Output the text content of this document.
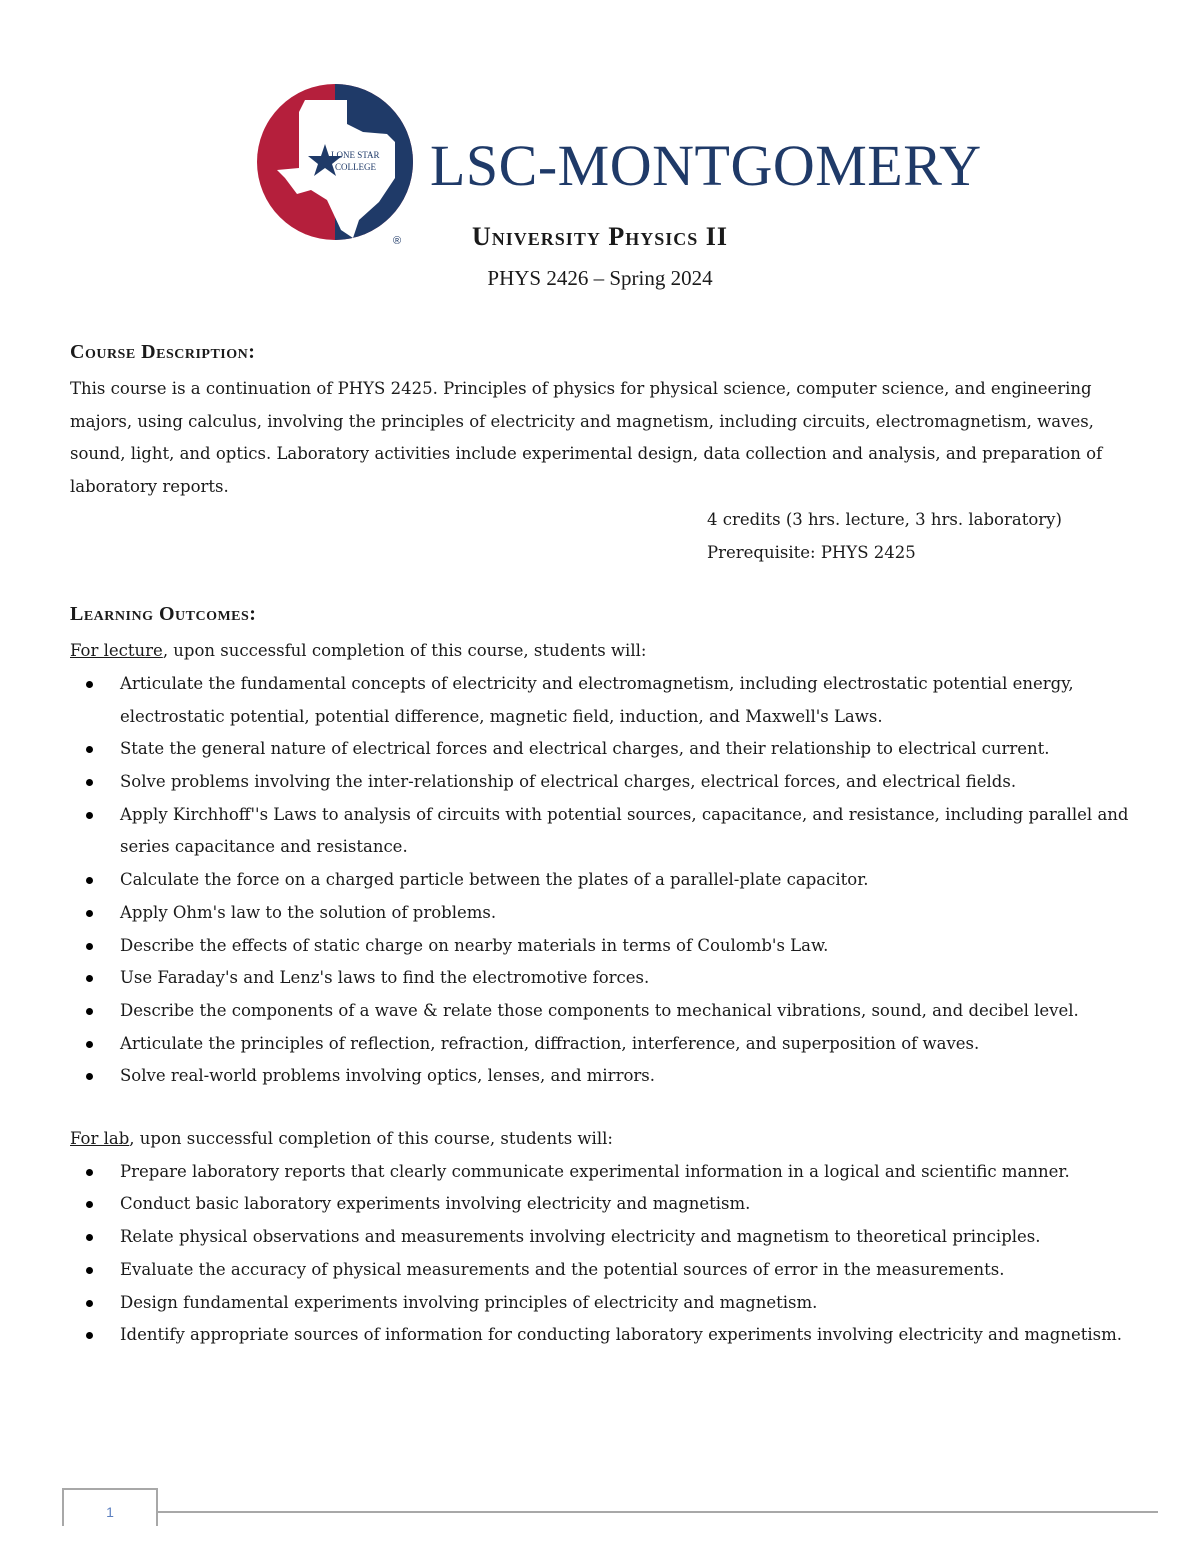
LONE STAR
COLLEGE
®
LSC-MONTGOMERY
University Physics II
PHYS 2426 – Spring 2024
Course Description:

This course is a continuation of PHYS 2425. Principles of physics for physical science, computer science, and engineering majors, using calculus, involving the principles of electricity and magnetism, including circuits, electromagnetism, waves, sound, light, and optics. Laboratory activities include experimental design, data collection and analysis, and preparation of laboratory reports.

4 credits (3 hrs. lecture, 3 hrs. laboratory)
Prerequisite: PHYS 2425
Learning Outcomes:
For lecture, upon successful completion of this course, students will:
Articulate the fundamental concepts of electricity and electromagnetism, including electrostatic potential energy, electrostatic potential, potential difference, magnetic field, induction, and Maxwell's Laws.
State the general nature of electrical forces and electrical charges, and their relationship to electrical current.
Solve problems involving the inter-relationship of electrical charges, electrical forces, and electrical fields.
Apply Kirchhoff''s Laws to analysis of circuits with potential sources, capacitance, and resistance, including parallel and series capacitance and resistance.
Calculate the force on a charged particle between the plates of a parallel-plate capacitor.
Apply Ohm's law to the solution of problems.
Describe the effects of static charge on nearby materials in terms of Coulomb's Law.
Use Faraday's and Lenz's laws to find the electromotive forces.
Describe the components of a wave & relate those components to mechanical vibrations, sound, and decibel level.
Articulate the principles of reflection, refraction, diffraction, interference, and superposition of waves.
Solve real-world problems involving optics, lenses, and mirrors.
For lab, upon successful completion of this course, students will:
Prepare laboratory reports that clearly communicate experimental information in a logical and scientific manner.
Conduct basic laboratory experiments involving electricity and magnetism.
Relate physical observations and measurements involving electricity and magnetism to theoretical principles.
Evaluate the accuracy of physical measurements and the potential sources of error in the measurements.
Design fundamental experiments involving principles of electricity and magnetism.
Identify appropriate sources of information for conducting laboratory experiments involving electricity and magnetism.
1
